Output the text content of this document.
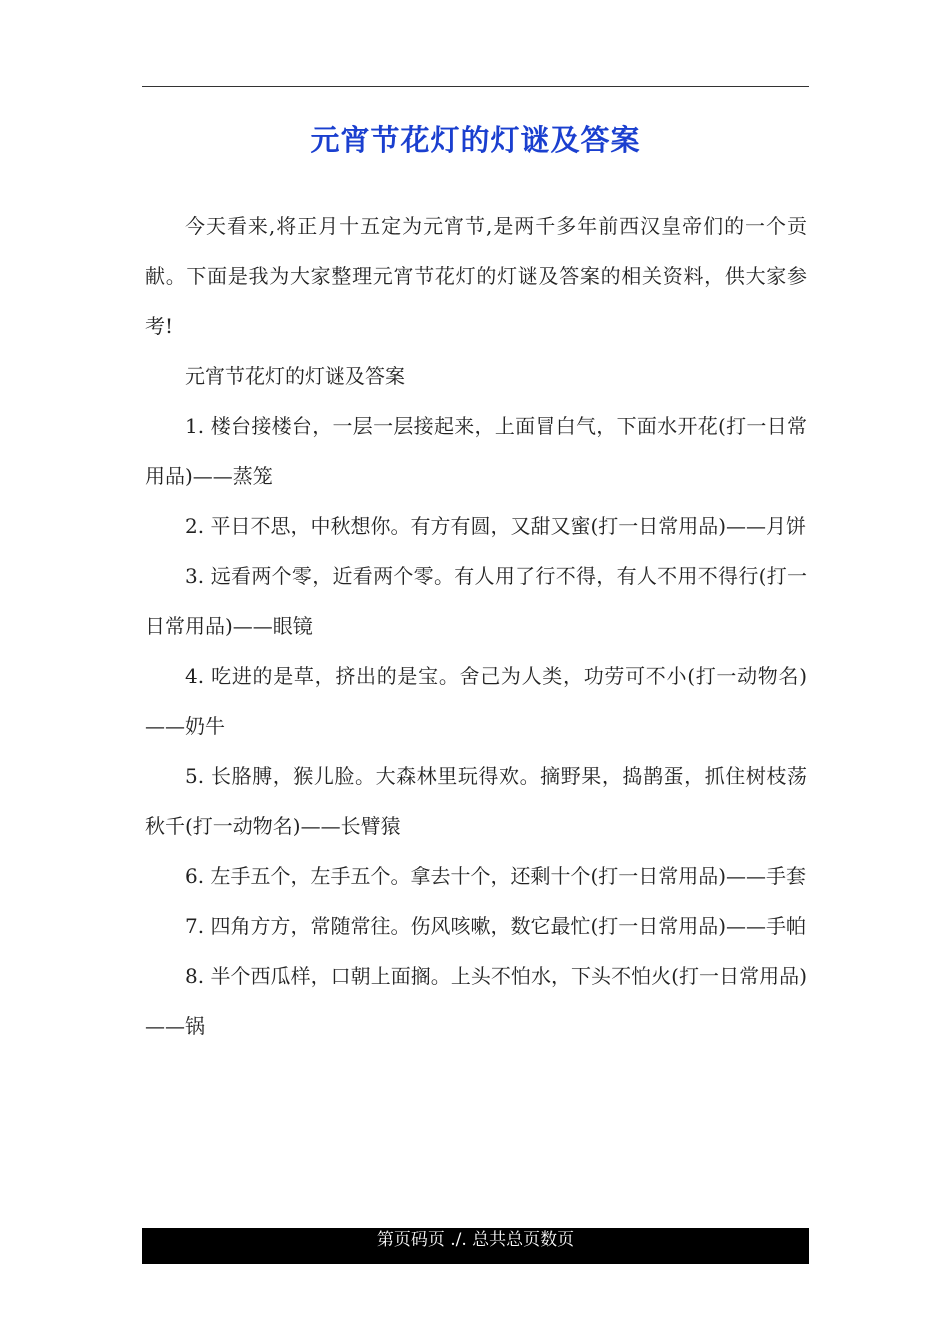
元宵节花灯的灯谜及答案

今天看来,将正月十五定为元宵节,是两千多年前西汉皇帝们的一个贡献。下面是我为大家整理元宵节花灯的灯谜及答案的相关资料，供大家参考!

元宵节花灯的灯谜及答案

1. 楼台接楼台，一层一层接起来，上面冒白气，下面水开花(打一日常用品)——蒸笼

2. 平日不思，中秋想你。有方有圆，又甜又蜜(打一日常用品)——月饼

3. 远看两个零，近看两个零。有人用了行不得，有人不用不得行(打一日常用品)——眼镜

4. 吃进的是草，挤出的是宝。舍己为人类，功劳可不小(打一动物名)——奶牛

5. 长胳膊，猴儿脸。大森林里玩得欢。摘野果，捣鹊蛋，抓住树枝荡秋千(打一动物名)——长臂猿

6. 左手五个，左手五个。拿去十个，还剩十个(打一日常用品)——手套

7. 四角方方，常随常往。伤风咳嗽，数它最忙(打一日常用品)——手帕

8. 半个西瓜样，口朝上面搁。上头不怕水，下头不怕火(打一日常用品)——锅

第页码页 ./. 总共总页数页
